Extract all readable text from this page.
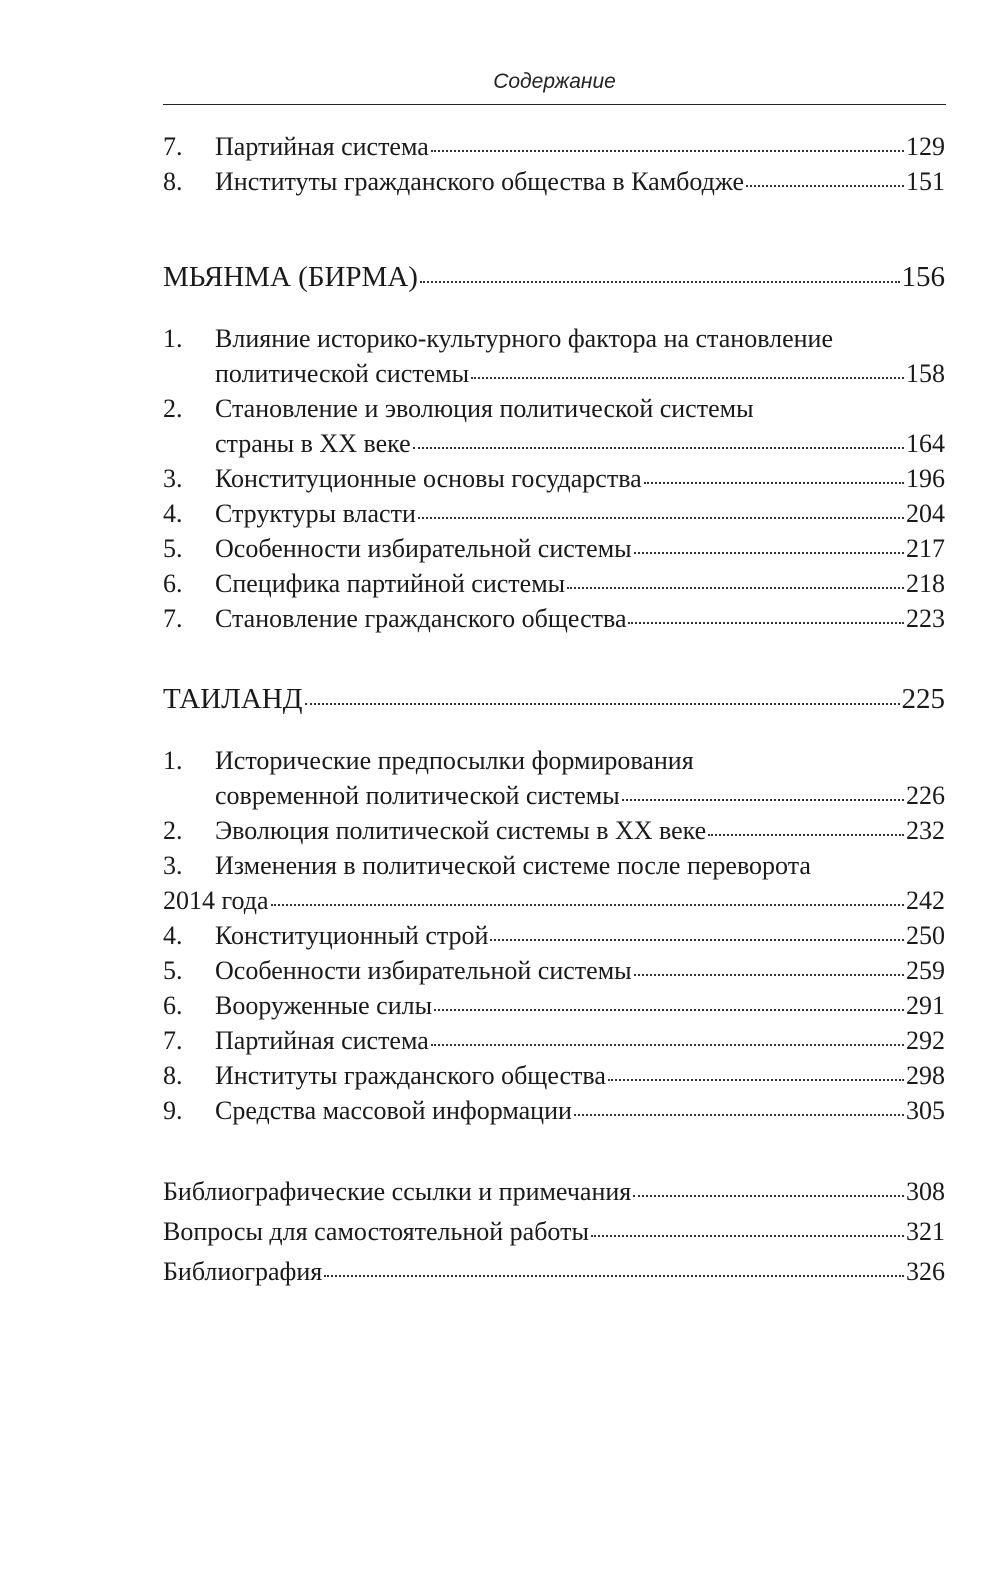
Содержание
7.	Партийная система	129
8.	Институты гражданского общества в Камбодже	151
МЬЯНМА (БИРМА)	156
1.	Влияние историко-культурного фактора на становление
политической системы	158
2.	Становление и эволюция политической системы
страны в XX веке	164
3.	Конституционные основы государства	196
4.	Структуры власти	204
5.	Особенности избирательной системы	217
6.	Специфика партийной системы	218
7.	Становление гражданского общества	223
ТАИЛАНД	225
1.	Исторические предпосылки формирования
современной политической системы	226
2.	Эволюция политической системы в XX веке	232
3.	Изменения в политической системе после переворота
2014 года	242
4.	Конституционный строй	250
5.	Особенности избирательной системы	259
6.	Вооруженные силы	291
7.	Партийная система	292
8.	Институты гражданского общества	298
9.	Средства массовой информации	305
Библиографические ссылки и примечания	308
Вопросы для самостоятельной работы	321
Библиография	326
